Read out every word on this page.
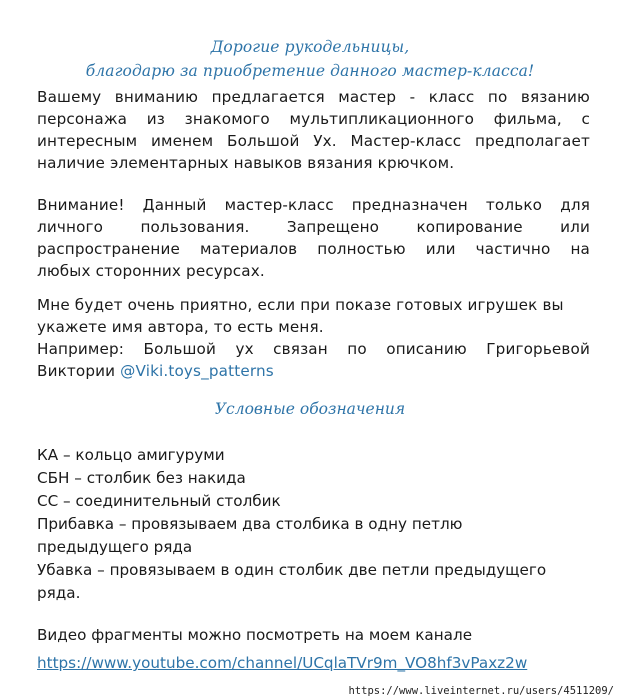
Дорогие рукодельницы,
благодарю за приобретение данного мастер-класса!
Вашему вниманию предлагается мастер - класс по вязанию
персонажа из знакомого мультипликационного фильма, с
интересным именем Большой Ух. Мастер-класс предполагает
наличие элементарных навыков вязания крючком.
Внимание! Данный мастер-класс предназначен только для
личного пользования. Запрещено копирование или
распространение материалов полностью или частично на
любых сторонних ресурсах.
Мне будет очень приятно, если при показе готовых игрушек вы
укажете имя автора, то есть меня.
Например: Большой ух связан по описанию Григорьевой
Виктории @Viki.toys_patterns
Условные обозначения
КА – кольцо амигуруми
СБН – столбик без накида
СС – соединительный столбик
Прибавка – провязываем два столбика в одну петлю
предыдущего ряда
Убавка – провязываем в один столбик две петли предыдущего
ряда.
Видео фрагменты можно посмотреть на моем канале
https://www.youtube.com/channel/UCqlaTVr9m_VO8hf3vPaxz2w
https://www.liveinternet.ru/users/4511209/
